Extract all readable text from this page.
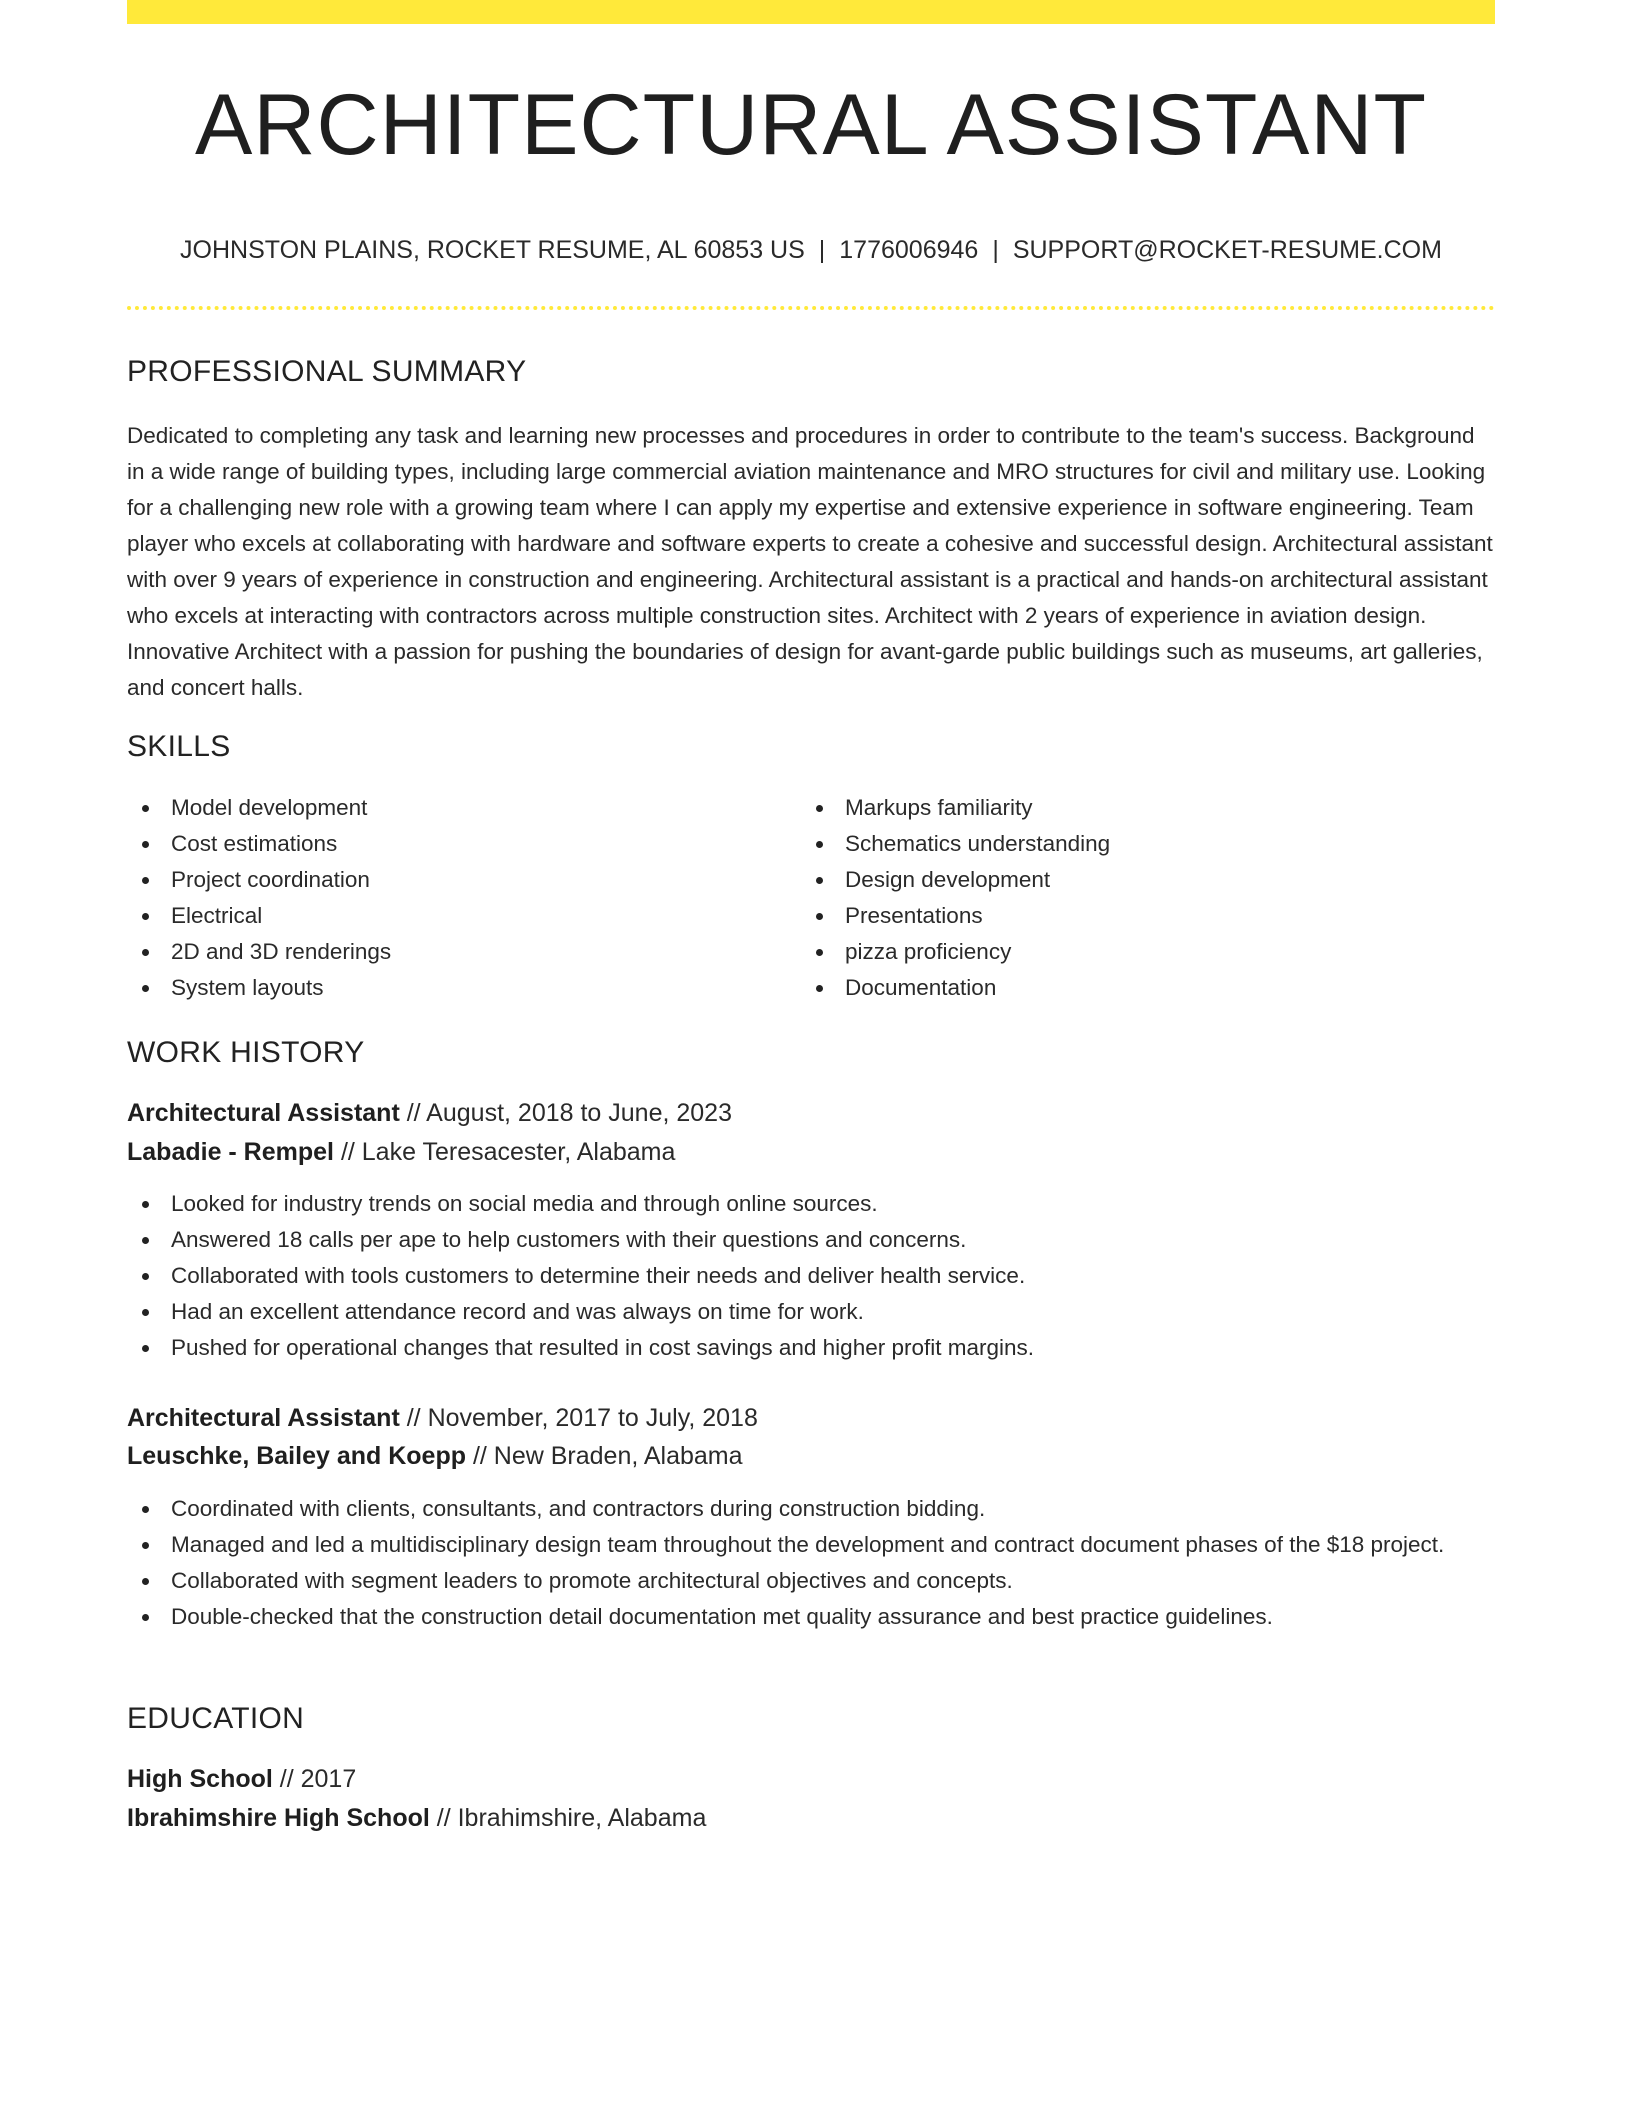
ARCHITECTURAL ASSISTANT
JOHNSTON PLAINS, ROCKET RESUME, AL 60853 US | 1776006946 | SUPPORT@ROCKET-RESUME.COM
PROFESSIONAL SUMMARY

Dedicated to completing any task and learning new processes and procedures in order to contribute to the team's success. Background in a wide range of building types, including large commercial aviation maintenance and MRO structures for civil and military use. Looking for a challenging new role with a growing team where I can apply my expertise and extensive experience in software engineering. Team player who excels at collaborating with hardware and software experts to create a cohesive and successful design. Architectural assistant with over 9 years of experience in construction and engineering. Architectural assistant is a practical and hands-on architectural assistant who excels at interacting with contractors across multiple construction sites. Architect with 2 years of experience in aviation design. Innovative Architect with a passion for pushing the boundaries of design for avant-garde public buildings such as museums, art galleries, and concert halls.

SKILLS
Model development
Cost estimations
Project coordination
Electrical
2D and 3D renderings
System layouts
Markups familiarity
Schematics understanding
Design development
Presentations
pizza proficiency
Documentation
WORK HISTORY
Architectural Assistant // August, 2018 to June, 2023
Labadie - Rempel // Lake Teresacester, Alabama
Looked for industry trends on social media and through online sources.
Answered 18 calls per ape to help customers with their questions and concerns.
Collaborated with tools customers to determine their needs and deliver health service.
Had an excellent attendance record and was always on time for work.
Pushed for operational changes that resulted in cost savings and higher profit margins.
Architectural Assistant // November, 2017 to July, 2018
Leuschke, Bailey and Koepp // New Braden, Alabama
Coordinated with clients, consultants, and contractors during construction bidding.
Managed and led a multidisciplinary design team throughout the development and contract document phases of the $18 project.
Collaborated with segment leaders to promote architectural objectives and concepts.
Double-checked that the construction detail documentation met quality assurance and best practice guidelines.
EDUCATION
High School // 2017
Ibrahimshire High School // Ibrahimshire, Alabama
